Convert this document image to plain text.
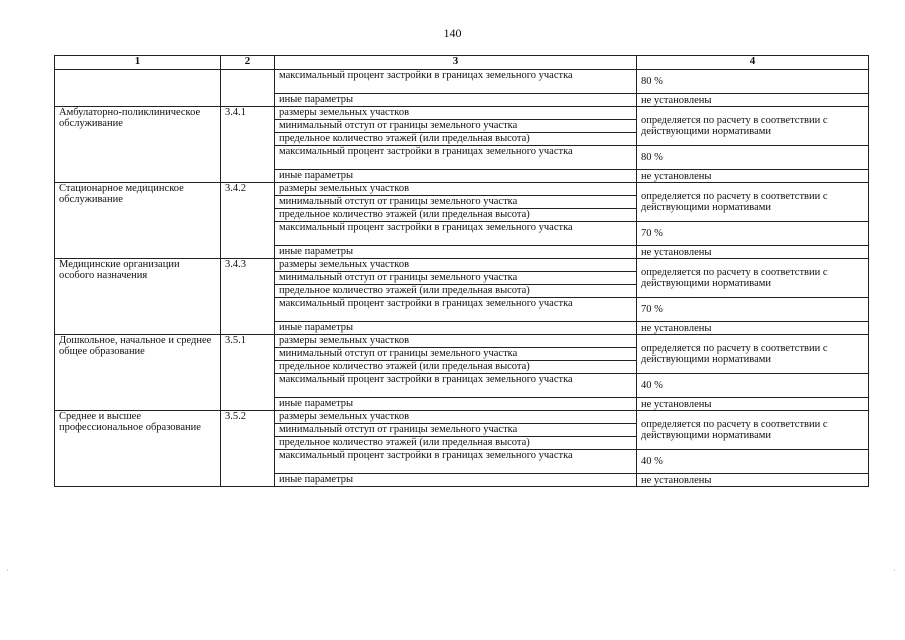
140
1	2	3	4
		максимальный процент застройки в границах земельного участка	80 %
		иные параметры	не установлены
Амбулаторно-поликлиническое обслуживание	3.4.1	размеры земельных участков	определяется по расчету в соответствии с действующими нормативами
		минимальный отступ от границы земельного участка	
		предельное количество этажей (или предельная высота)	
		максимальный процент застройки в границах земельного участка	80 %
		иные параметры	не установлены
Стационарное медицинское обслуживание	3.4.2	размеры земельных участков	определяется по расчету в соответствии с действующими нормативами
		минимальный отступ от границы земельного участка	
		предельное количество этажей (или предельная высота)	
		максимальный процент застройки в границах земельного участка	70 %
		иные параметры	не установлены
Медицинские организации особого назначения	3.4.3	размеры земельных участков	определяется по расчету в соответствии с действующими нормативами
		минимальный отступ от границы земельного участка	
		предельное количество этажей (или предельная высота)	
		максимальный процент застройки в границах земельного участка	70 %
		иные параметры	не установлены
Дошкольное, начальное и среднее общее образование	3.5.1	размеры земельных участков	определяется по расчету в соответствии с действующими нормативами
		минимальный отступ от границы земельного участка	
		предельное количество этажей (или предельная высота)	
		максимальный процент застройки в границах земельного участка	40 %
		иные параметры	не установлены
Среднее и высшее профессиональное образование	3.5.2	размеры земельных участков	определяется по расчету в соответствии с действующими нормативами
		минимальный отступ от границы земельного участка	
		предельное количество этажей (или предельная высота)	
		максимальный процент застройки в границах земельного участка	40 %
		иные параметры	не установлены
·	·
